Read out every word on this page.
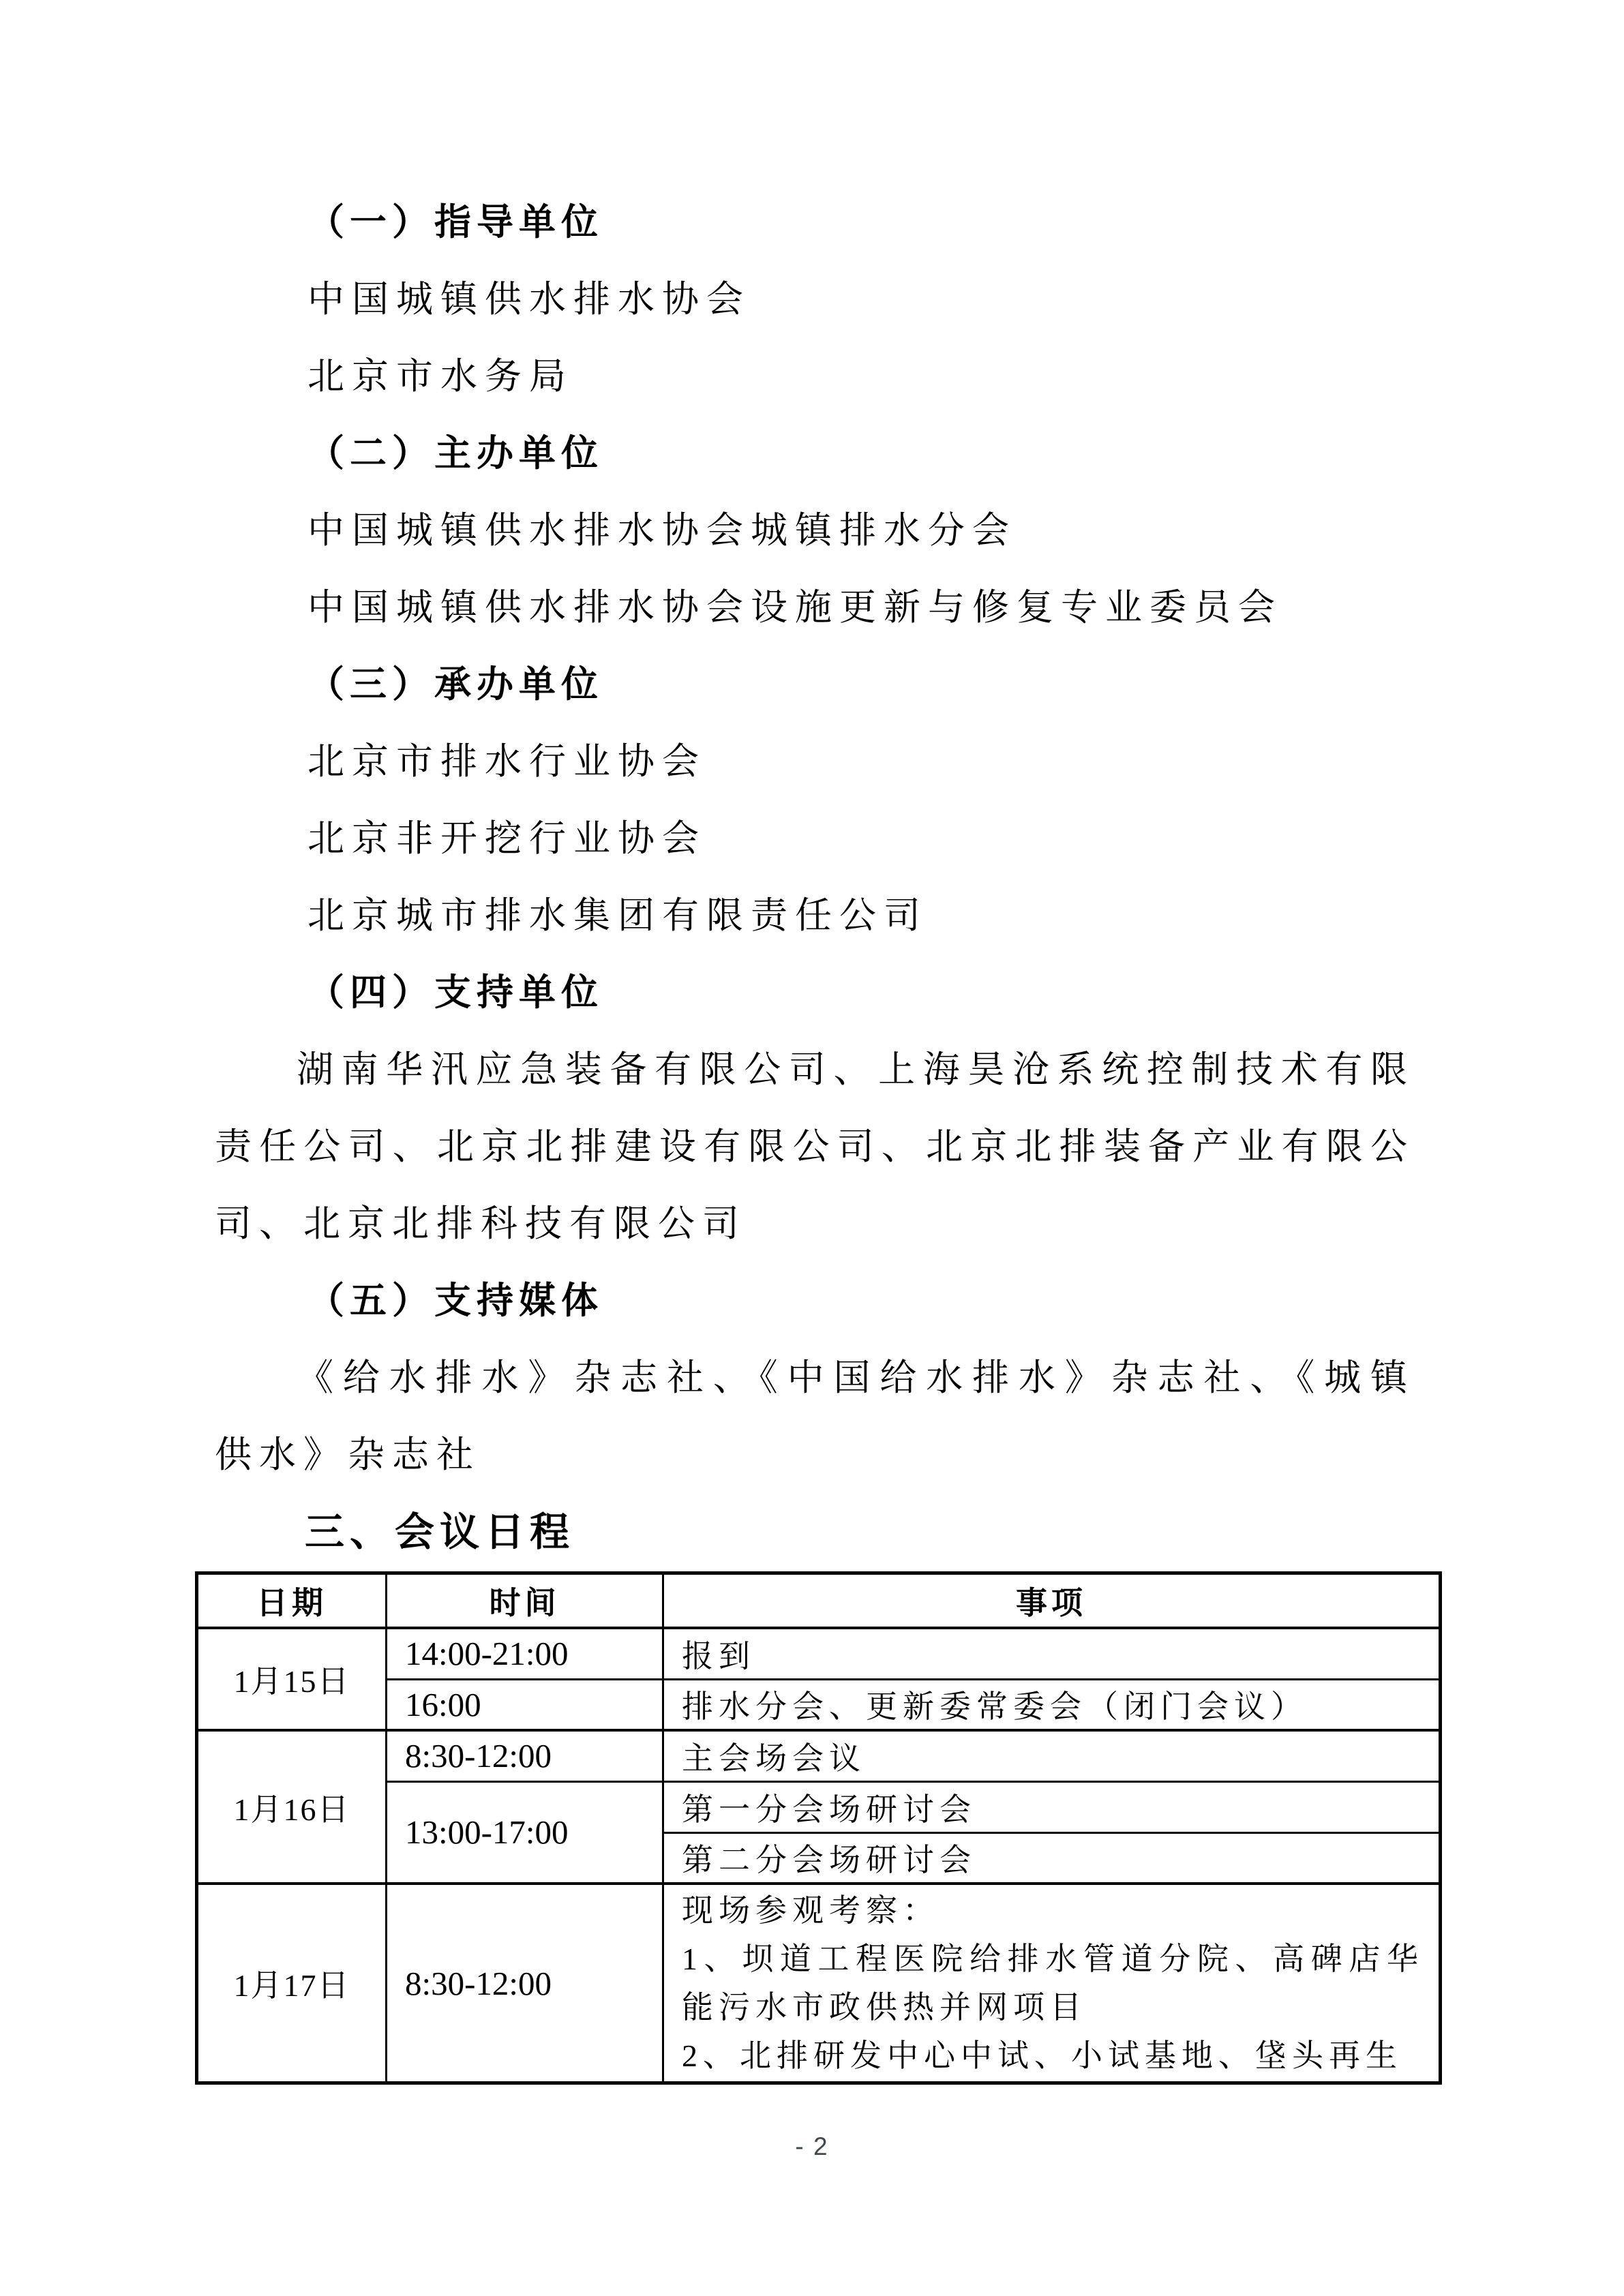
（一）指导单位
中国城镇供水排水协会
北京市水务局
（二）主办单位
中国城镇供水排水协会城镇排水分会
中国城镇供水排水协会设施更新与修复专业委员会
（三）承办单位
北京市排水行业协会
北京非开挖行业协会
北京城市排水集团有限责任公司
（四）支持单位
湖南华汛应急装备有限公司、上海昊沧系统控制技术有限
责任公司、北京北排建设有限公司、北京北排装备产业有限公
司、北京北排科技有限公司
（五）支持媒体
《给水排水》杂志社、《中国给水排水》杂志社、《城镇
供水》杂志社
三、会议日程
日期	时间	事项
1月15日	14:00-21:00	报到
	16:00	排水分会、更新委常委会（闭门会议）
1月16日	8:30-12:00	主会场会议
	13:00-17:00	第一分会场研讨会
		第二分会场研讨会
1月17日	8:30-12:00	现场参观考察：
1、坝道工程医院给排水管道分院、高碑店华
能污水市政供热并网项目
2、北排研发中心中试、小试基地、垡头再生
- 2
